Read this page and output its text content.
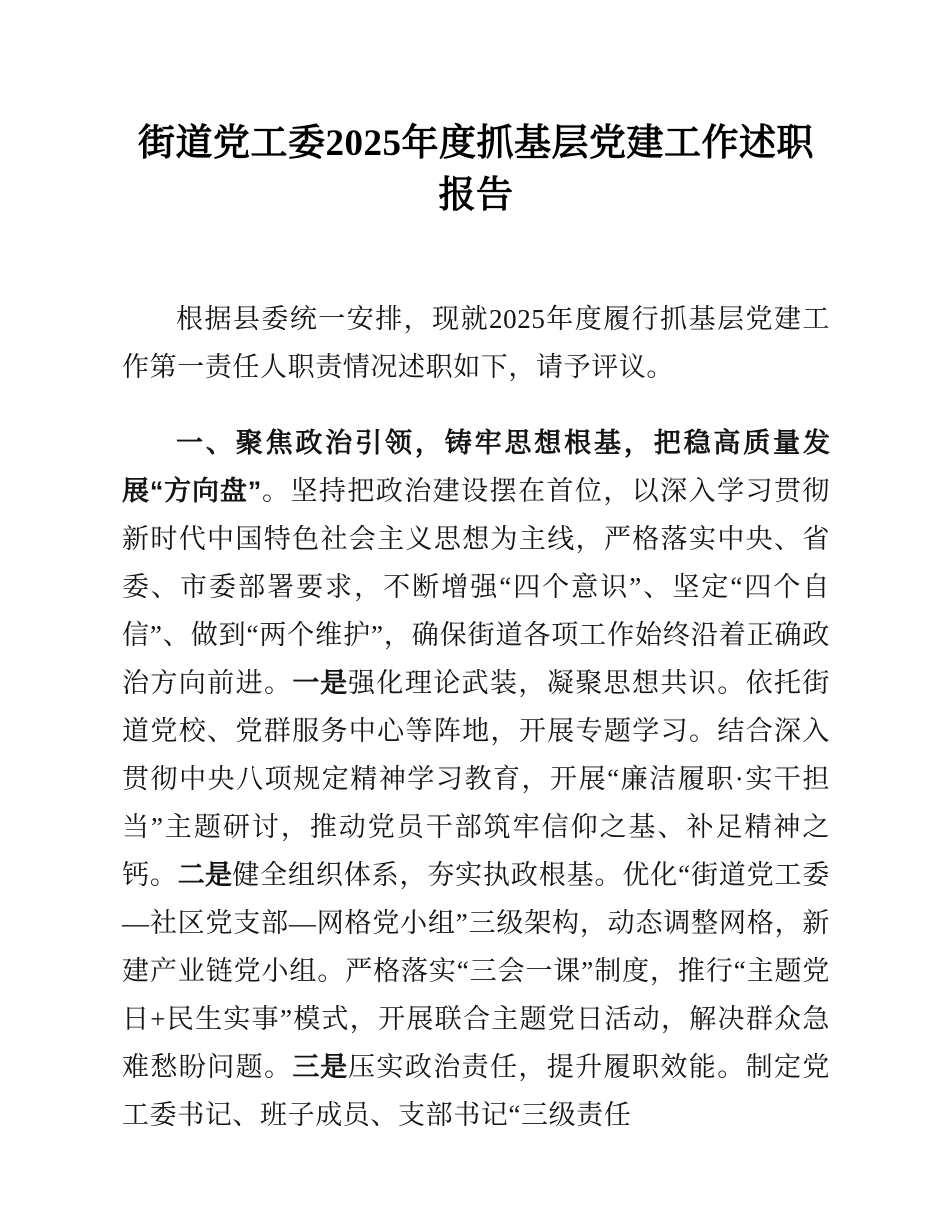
街道党工委2025年度抓基层党建工作述职报告

根据县委统一安排，现就2025年度履行抓基层党建工作第一责任人职责情况述职如下，请予评议。

一、聚焦政治引领，铸牢思想根基，把稳高质量发展“方向盘”。坚持把政治建设摆在首位，以深入学习贯彻新时代中国特色社会主义思想为主线，严格落实中央、省委、市委部署要求，不断增强“四个意识”、坚定“四个自信”、做到“两个维护”，确保街道各项工作始终沿着正确政治方向前进。一是强化理论武装，凝聚思想共识。依托街道党校、党群服务中心等阵地，开展专题学习。结合深入贯彻中央八项规定精神学习教育，开展“廉洁履职·实干担当”主题研讨，推动党员干部筑牢信仰之基、补足精神之钙。二是健全组织体系，夯实执政根基。优化“街道党工委—社区党支部—网格党小组”三级架构，动态调整网格，新建产业链党小组。严格落实“三会一课”制度，推行“主题党日+民生实事”模式，开展联合主题党日活动，解决群众急难愁盼问题。三是压实政治责任，提升履职效能。制定党工委书记、班子成员、支部书记“三级责任
